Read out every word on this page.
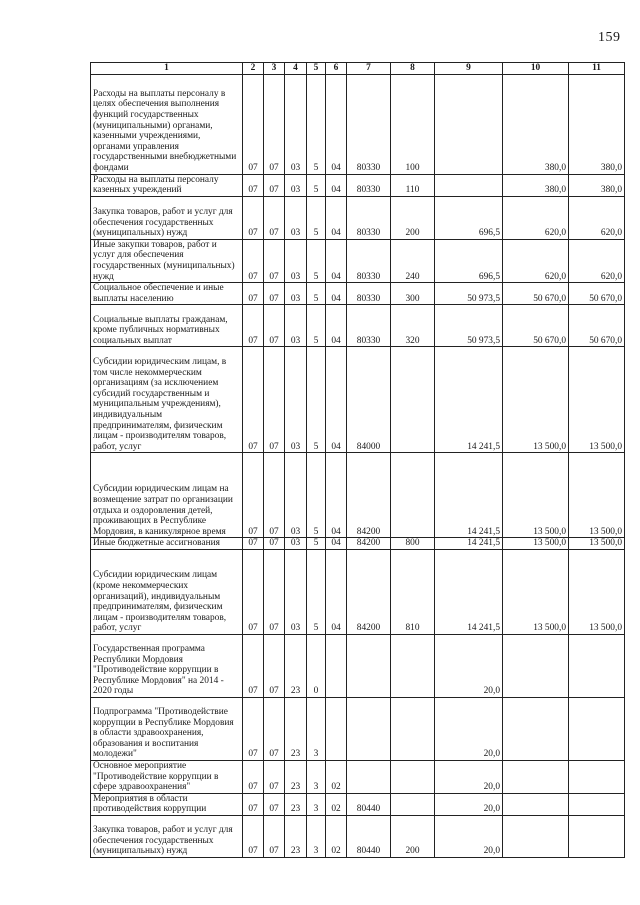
159
1	2	3	4	5	6	7	8	9	10	11

Расходы на выплаты персоналу в целях обеспечения выполнения функций государственных (муниципальными) органами, казенными учреждениями, органами управления государственными внебюджетными фондами	07	07	03	5	04	80330	100		380,0	380,0

Расходы на выплаты персоналу казенных учреждений	07	07	03	5	04	80330	110		380,0	380,0

Закупка товаров, работ и услуг для обеспечения государственных (муниципальных) нужд	07	07	03	5	04	80330	200	696,5	620,0	620,0

Иные закупки товаров, работ и услуг для обеспечения государственных (муниципальных) нужд	07	07	03	5	04	80330	240	696,5	620,0	620,0

Социальное обеспечение и иные выплаты населению	07	07	03	5	04	80330	300	50 973,5	50 670,0	50 670,0

Социальные выплаты гражданам, кроме публичных нормативных социальных выплат	07	07	03	5	04	80330	320	50 973,5	50 670,0	50 670,0

Субсидии юридическим лицам, в том числе некоммерческим организациям (за исключением субсидий государственным и муниципальным учреждениям), индивидуальным предпринимателям, физическим лицам - производителям товаров, работ, услуг	07	07	03	5	04	84000		14 241,5	13 500,0	13 500,0

Субсидии юридическим лицам на возмещение затрат по организации отдыха и оздоровления детей, проживающих в Республике Мордовия, в каникулярное время	07	07	03	5	04	84200		14 241,5	13 500,0	13 500,0

Иные бюджетные ассигнования	07	07	03	5	04	84200	800	14 241,5	13 500,0	13 500,0

Субсидии юридическим лицам (кроме некоммерческих организаций), индивидуальным предпринимателям, физическим лицам - производителям товаров, работ, услуг	07	07	03	5	04	84200	810	14 241,5	13 500,0	13 500,0

Государственная программа Республики Мордовия "Противодействие коррупции в Республике Мордовия" на 2014 - 2020 годы	07	07	23	0				20,0		

Подпрограмма "Противодействие коррупции в Республике Мордовия в области здравоохранения, образования и воспитания молодежи"	07	07	23	3				20,0		

Основное мероприятие "Противодействие коррупции в сфере здравоохранения"	07	07	23	3	02			20,0		

Мероприятия в области противодействия коррупции	07	07	23	3	02	80440		20,0		

Закупка товаров, работ и услуг для обеспечения государственных (муниципальных) нужд	07	07	23	3	02	80440	200	20,0		
